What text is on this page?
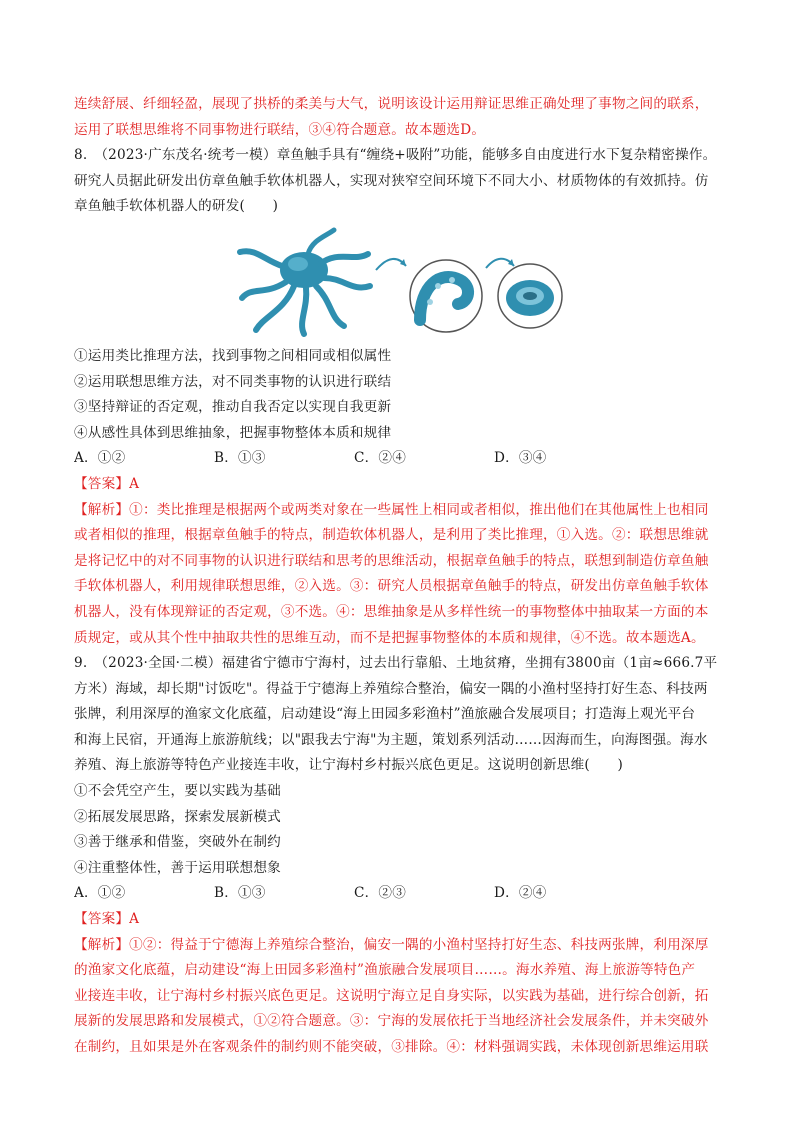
连续舒展、纤细轻盈，展现了拱桥的柔美与大气，说明该设计运用辩证思维正确处理了事物之间的联系，
运用了联想思维将不同事物进行联结，③④符合题意。故本题选D。
8.　（2023·广东茂名·统考一模）章鱼触手具有“缠绕+吸附”功能，能够多自由度进行水下复杂精密操作。
研究人员据此研发出仿章鱼触手软体机器人，实现对狭窄空间环境下不同大小、材质物体的有效抓持。仿
章鱼触手软体机器人的研发(　　)
①运用类比推理方法，找到事物之间相同或相似属性
②运用联想思维方法，对不同类事物的认识进行联结
③坚持辩证的否定观，推动自我否定以实现自我更新
④从感性具体到思维抽象，把握事物整体本质和规律
A．①②	B．①③	C．②④	D．③④
【答案】A
【解析】①：类比推理是根据两个或两类对象在一些属性上相同或者相似，推出他们在其他属性上也相同
或者相似的推理，根据章鱼触手的特点，制造软体机器人，是利用了类比推理，①入选。②：联想思维就
是将记忆中的对不同事物的认识进行联结和思考的思维活动，根据章鱼触手的特点，联想到制造仿章鱼触
手软体机器人，利用规律联想思维，②入选。③：研究人员根据章鱼触手的特点，研发出仿章鱼触手软体
机器人，没有体现辩证的否定观，③不选。④：思维抽象是从多样性统一的事物整体中抽取某一方面的本
质规定，或从其个性中抽取共性的思维互动，而不是把握事物整体的本质和规律，④不选。故本题选A。
9.　（2023·全国·二模）福建省宁德市宁海村，过去出行靠船、土地贫瘠，坐拥有3800亩（1亩≈666.7平
方米）海域，却长期"讨饭吃"。得益于宁德海上养殖综合整治，偏安一隅的小渔村坚持打好生态、科技两
张牌，利用深厚的渔家文化底蕴，启动建设“海上田园多彩渔村”渔旅融合发展项目；打造海上观光平台
和海上民宿，开通海上旅游航线；以"跟我去宁海"为主题，策划系列活动……因海而生，向海图强。海水
养殖、海上旅游等特色产业接连丰收，让宁海村乡村振兴底色更足。这说明创新思维(　　)
①不会凭空产生，要以实践为基础
②拓展发展思路，探索发展新模式
③善于继承和借鉴，突破外在制约
④注重整体性，善于运用联想想象
A．①②	B．①③	C．②③	D．②④
【答案】A
【解析】①②：得益于宁德海上养殖综合整治，偏安一隅的小渔村坚持打好生态、科技两张牌，利用深厚
的渔家文化底蕴，启动建设“海上田园多彩渔村”渔旅融合发展项目……。海水养殖、海上旅游等特色产
业接连丰收，让宁海村乡村振兴底色更足。这说明宁海立足自身实际，以实践为基础，进行综合创新，拓
展新的发展思路和发展模式，①②符合题意。③：宁海的发展依托于当地经济社会发展条件，并未突破外
在制约，且如果是外在客观条件的制约则不能突破，③排除。④：材料强调实践，未体现创新思维运用联
